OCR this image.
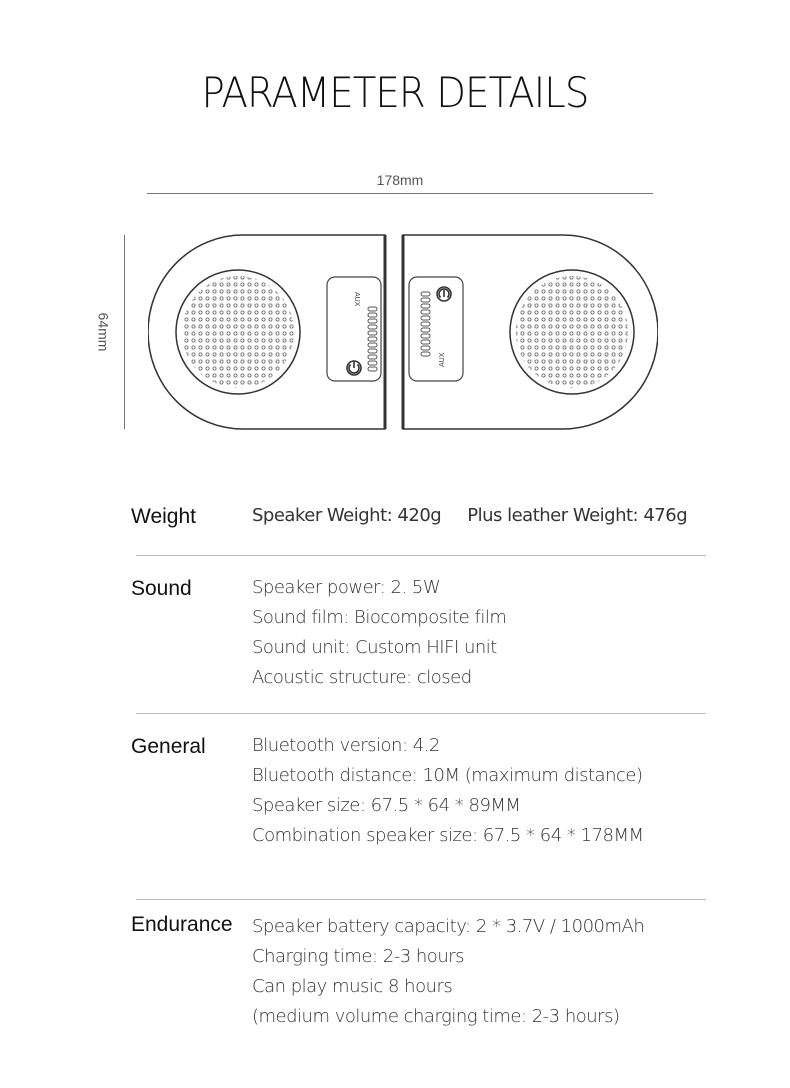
PARAMETER DETAILS
178mm
64mm
AUX
AUX
Weight	Speaker Weight: 420g Plus leather Weight: 476g
Sound	Speaker power: 2. 5W
Sound film: Biocomposite film
Sound unit: Custom HIFI unit
Acoustic structure: closed
General	Bluetooth version: 4.2
Bluetooth distance: 10M (maximum distance)
Speaker size: 67.5 * 64 * 89MM
Combination speaker size: 67.5 * 64 * 178MM
Endurance Speaker battery capacity: 2 * 3.7V / 1000mAh
Charging time: 2-3 hours
Can play music 8 hours
(medium volume charging time: 2-3 hours)
